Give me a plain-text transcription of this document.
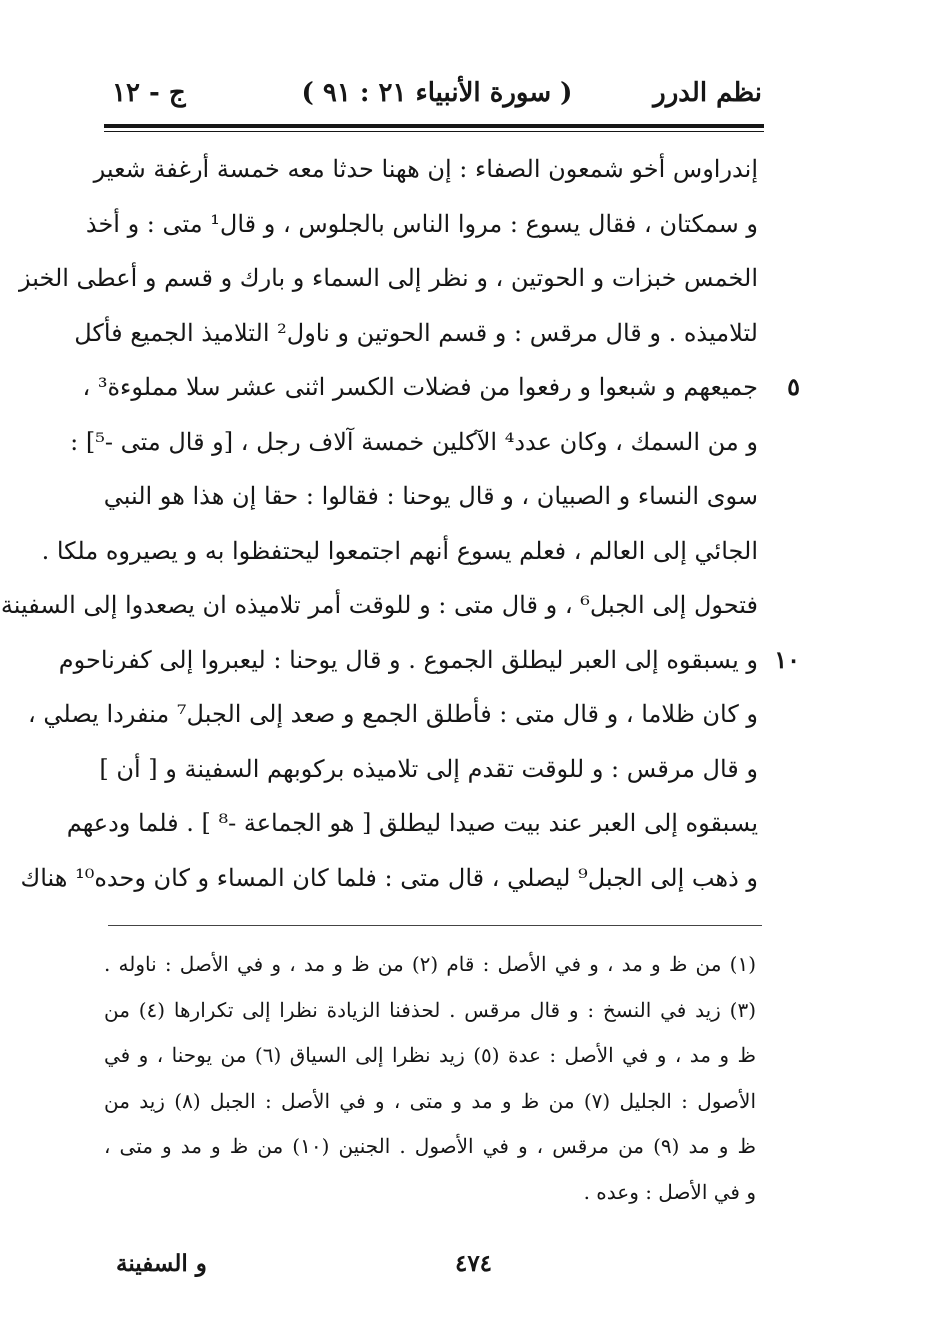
نظم الدرر
( سورة الأنبياء ٢١ : ٩١ )
ج - ١٢
إندراوس أخو شمعون الصفاء : إن ههنا حدثا معه خمسة أرغفة شعير
و سمكتان ، فقال يسوع : مروا الناس بالجلوس ، و قال¹ متى : و أخذ
الخمس خبزات و الحوتين ، و نظر إلى السماء و بارك و قسم و أعطى الخبز
لتلاميذه . و قال مرقس : و قسم الحوتين و ناول² التلاميذ الجميع فأكل
جميعهم و شبعوا و رفعوا من فضلات الكسر اثنى عشر سلا مملوءة³ ، ٥
و من السمك ، وكان عدد⁴ الآكلين خمسة آلاف رجل ، [و قال متى -⁵] :
سوى النساء و الصبيان ، و قال يوحنا : فقالوا : حقا إن هذا هو النبي
الجائي إلى العالم ، فعلم يسوع أنهم اجتمعوا ليحتفظوا به و يصيروه ملكا .
فتحول إلى الجبل⁶ ، و قال متى : و للوقت أمر تلاميذه ان يصعدوا إلى السفينة
و يسبقوه إلى العبر ليطلق الجموع . و قال يوحنا : ليعبروا إلى كفرناحوم ١٠
و كان ظلاما ، و قال متى : فأطلق الجمع و صعد إلى الجبل⁷ منفردا يصلي ،
و قال مرقس : و للوقت تقدم إلى تلاميذه بركوبهم السفينة و [ أن ]
يسبقوه إلى العبر عند بيت صيدا ليطلق [ هو الجماعة -⁸ ] . فلما ودعهم
و ذهب إلى الجبل⁹ ليصلي ، قال متى : فلما كان المساء و كان وحده¹⁰ هناك
(١) من ظ و مد ، و في الأصل : قام (٢) من ظ و مد ، و في الأصل : ناوله .
(٣) زيد في النسخ : و قال مرقس . لحذفنا الزيادة نظرا إلى تكرارها (٤) من
ظ و مد ، و في الأصل : عدة (٥) زيد نظرا إلى السياق (٦) من يوحنا ، و في
الأصول : الجليل (٧) من ظ و مد و متى ، و في الأصل : الجبل (٨) زيد من
ظ و مد (٩) من مرقس ، و في الأصول . الجنين (١٠) من ظ و مد و متى ،
و في الأصل : وعده .
و السفينة	٤٧٤
